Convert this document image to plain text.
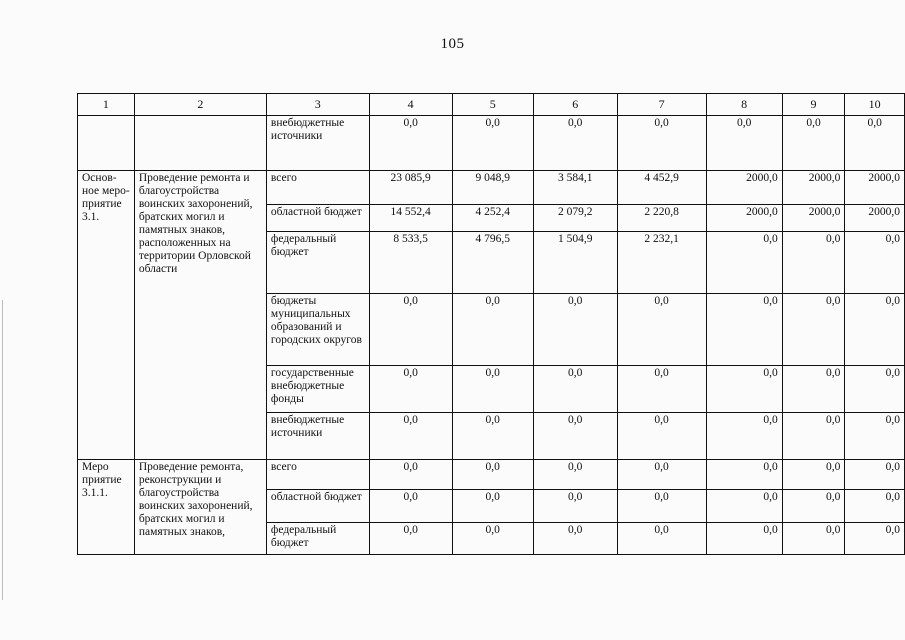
105
1	2	3	4	5	6	7	8	9	10
		внебюджетные источники	0,0	0,0	0,0	0,0	0,0	0,0	0,0
Основ-ное меро-приятие 3.1.	Проведение ремонта и благоустройства воинских захоронений, братских могил и памятных знаков, расположенных на территории Орловской области	всего	23 085,9	9 048,9	3 584,1	4 452,9	2000,0	2000,0	2000,0
		областной бюджет	14 552,4	4 252,4	2 079,2	2 220,8	2000,0	2000,0	2000,0
		федеральный бюджет	8 533,5	4 796,5	1 504,9	2 232,1	0,0	0,0	0,0
		бюджеты муниципальных образований и городских округов	0,0	0,0	0,0	0,0	0,0	0,0	0,0
		государственные внебюджетные фонды	0,0	0,0	0,0	0,0	0,0	0,0	0,0
		внебюджетные источники	0,0	0,0	0,0	0,0	0,0	0,0	0,0
Меро приятие 3.1.1.	Проведение ремонта, реконструкции и благоустройства воинских захоронений, братских могил и памятных знаков,	всего	0,0	0,0	0,0	0,0	0,0	0,0	0,0
		областной бюджет	0,0	0,0	0,0	0,0	0,0	0,0	0,0
		федеральный бюджет	0,0	0,0	0,0	0,0	0,0	0,0	0,0
